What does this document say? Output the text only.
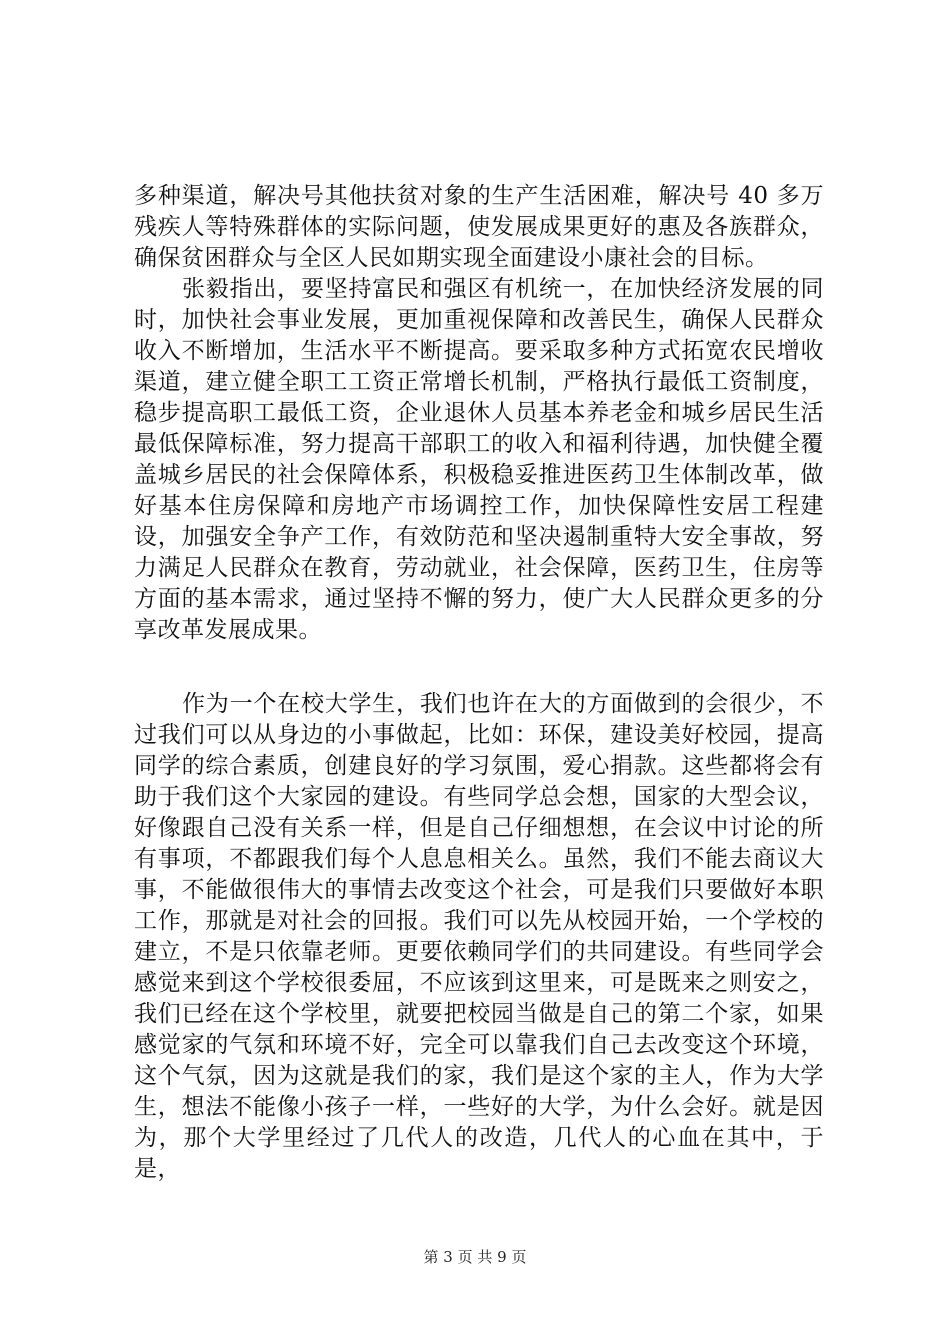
多种渠道，解决号其他扶贫对象的生产生活困难，解决号 40 多万残疾人等特殊群体的实际问题，使发展成果更好的惠及各族群众，确保贫困群众与全区人民如期实现全面建设小康社会的目标。

张毅指出，要坚持富民和强区有机统一，在加快经济发展的同时，加快社会事业发展，更加重视保障和改善民生，确保人民群众收入不断增加，生活水平不断提高。要采取多种方式拓宽农民增收渠道，建立健全职工工资正常增长机制，严格执行最低工资制度，稳步提高职工最低工资，企业退休人员基本养老金和城乡居民生活最低保障标准，努力提高干部职工的收入和福利待遇，加快健全覆盖城乡居民的社会保障体系，积极稳妥推进医药卫生体制改革，做好基本住房保障和房地产市场调控工作，加快保障性安居工程建设，加强安全争产工作，有效防范和坚决遏制重特大安全事故，努力满足人民群众在教育，劳动就业，社会保障，医药卫生，住房等方面的基本需求，通过坚持不懈的努力，使广大人民群众更多的分享改革发展成果。

作为一个在校大学生，我们也许在大的方面做到的会很少，不过我们可以从身边的小事做起，比如：环保，建设美好校园，提高同学的综合素质，创建良好的学习氛围，爱心捐款。这些都将会有助于我们这个大家园的建设。有些同学总会想，国家的大型会议，好像跟自己没有关系一样，但是自己仔细想想，在会议中讨论的所有事项，不都跟我们每个人息息相关么。虽然，我们不能去商议大事，不能做很伟大的事情去改变这个社会，可是我们只要做好本职工作，那就是对社会的回报。我们可以先从校园开始，一个学校的建立，不是只依靠老师。更要依赖同学们的共同建设。有些同学会感觉来到这个学校很委屈，不应该到这里来，可是既来之则安之，我们已经在这个学校里，就要把校园当做是自己的第二个家，如果感觉家的气氛和环境不好，完全可以靠我们自己去改变这个环境，这个气氛，因为这就是我们的家，我们是这个家的主人，作为大学生，想法不能像小孩子一样，一些好的大学，为什么会好。就是因为，那个大学里经过了几代人的改造，几代人的心血在其中，于是，

第 3 页 共 9 页
